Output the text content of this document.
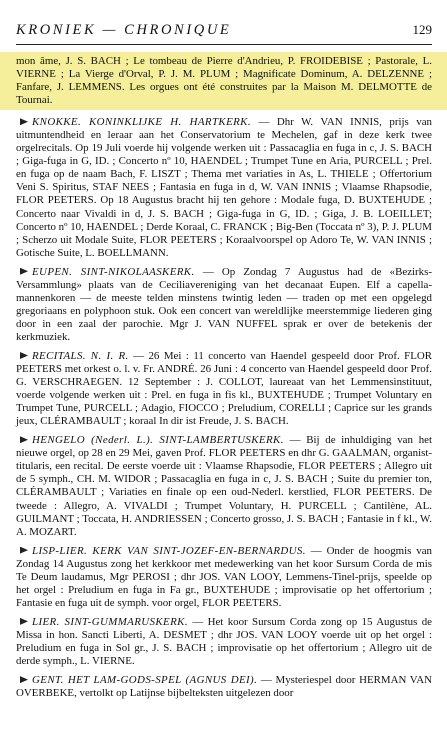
KRONIEK — CHRONIQUE	129

mon âme, J. S. BACH ; Le tombeau de Pierre d'Andrieu, P. FROIDEBISE ; Pastorale, L. VIERNE ; La Vierge d'Orval, P. J. M. PLUM ; Magnificate Dominum, A. DELZENNE ; Fanfare, J. LEMMENS. Les orgues ont été construites par la Maison M. DELMOTTE de Tournai.

KNOKKE. KONINKLIJKE H. HARTKERK. — Dhr W. VAN INNIS, prijs van uitmuntendheid en leraar aan het Conservatorium te Mechelen, gaf in deze kerk twee orgelrecitals. Op 19 Juli voerde hij volgende werken uit : Passacaglia en fuga in c, J. S. BACH ; Giga-fuga in G, ID. ; Concerto nº 10, HAENDEL ; Trumpet Tune en Aria, PURCELL ; Prel. en fuga op de naam Bach, F. LISZT ; Thema met variaties in As, L. THIELE ; Offertorium Veni S. Spiritus, STAF NEES ; Fantasia en fuga in d, W. VAN INNIS ; Vlaamse Rhapsodie, FLOR PEETERS. Op 18 Augustus bracht hij ten gehore : Modale fuga, D. BUXTEHUDE ; Concerto naar Vivaldi in d, J. S. BACH ; Giga-fuga in G, ID. ; Giga, J. B. LOEILLET; Concerto nº 10, HAENDEL ; Derde Koraal, C. FRANCK ; Big-Ben (Toccata nº 3), P. J. PLUM ; Scherzo uit Modale Suite, FLOR PEETERS ; Koraalvoorspel op Adoro Te, W. VAN INNIS ; Gotische Suite, L. BOELLMANN.

EUPEN. SINT-NIKOLAASKERK. — Op Zondag 7 Augustus had de «Bezirks-Versammlung» plaats van de Ceciliavereniging van het decanaat Eupen. Elf a capella-mannenkoren — de meeste telden minstens twintig leden — traden op met een opgelegd gregoriaans en polyphoon stuk. Ook een concert van wereldlijke meerstemmige liederen ging door in een zaal der parochie. Mgr J. VAN NUFFEL sprak er over de betekenis der kerkmuziek.

RECITALS. N. I. R. — 26 Mei : 11 concerto van Haendel gespeeld door Prof. FLOR PEETERS met orkest o. l. v. Fr. ANDRÉ. 26 Juni : 4 concerto van Haendel gespeeld door Prof. G. VERSCHRAEGEN. 12 September : J. COLLOT, laureaat van het Lemmensinstituut, voerde volgende werken uit : Prel. en fuga in fis kl., BUXTEHUDE ; Trumpet Voluntary en Trumpet Tune, PURCELL ; Adagio, FIOCCO ; Preludium, CORELLI ; Caprice sur les grands jeux, CLÉRAMBAULT ; koraal In dir ist Freude, J. S. BACH.

HENGELO (Nederl. L.). SINT-LAMBERTUSKERK. — Bij de inhuldiging van het nieuwe orgel, op 28 en 29 Mei, gaven Prof. FLOR PEETERS en dhr G. GAALMAN, organist-titularis, een recital. De eerste voerde uit : Vlaamse Rhapsodie, FLOR PEETERS ; Allegro uit de 5 symph., CH. M. WIDOR ; Passacaglia en fuga in c, J. S. BACH ; Suite du premier ton, CLÉRAMBAULT ; Variaties en finale op een oud-Nederl. kerstlied, FLOR PEETERS. De tweede : Allegro, A. VIVALDI ; Trumpet Voluntary, H. PURCELL ; Cantilène, AL. GUILMANT ; Toccata, H. ANDRIESSEN ; Concerto grosso, J. S. BACH ; Fantasie in f kl., W. A. MOZART.

LISP-LIER. KERK VAN SINT-JOZEF-EN-BERNARDUS. — Onder de hoogmis van Zondag 14 Augustus zong het kerkkoor met medewerking van het koor Sursum Corda de mis Te Deum laudamus, Mgr PEROSI ; dhr JOS. VAN LOOY, Lemmens-Tinel-prijs, speelde op het orgel : Preludium en fuga in Fa gr., BUXTEHUDE ; improvisatie op het offertorium ; Fantasie en fuga uit de symph. voor orgel, FLOR PEETERS.

LIER. SINT-GUMMARUSKERK. — Het koor Sursum Corda zong op 15 Augustus de Missa in hon. Sancti Liberti, A. DESMET ; dhr JOS. VAN LOOY voerde uit op het orgel : Preludium en fuga in Sol gr., J. S. BACH ; improvisatie op het offertorium ; Allegro uit de derde symph., L. VIERNE.

GENT. HET LAM-GODS-SPEL (AGNUS DEI). — Mysteriespel door HERMAN VAN OVERBEKE, vertolkt op Latijnse bijbelteksten uitgelezen door
